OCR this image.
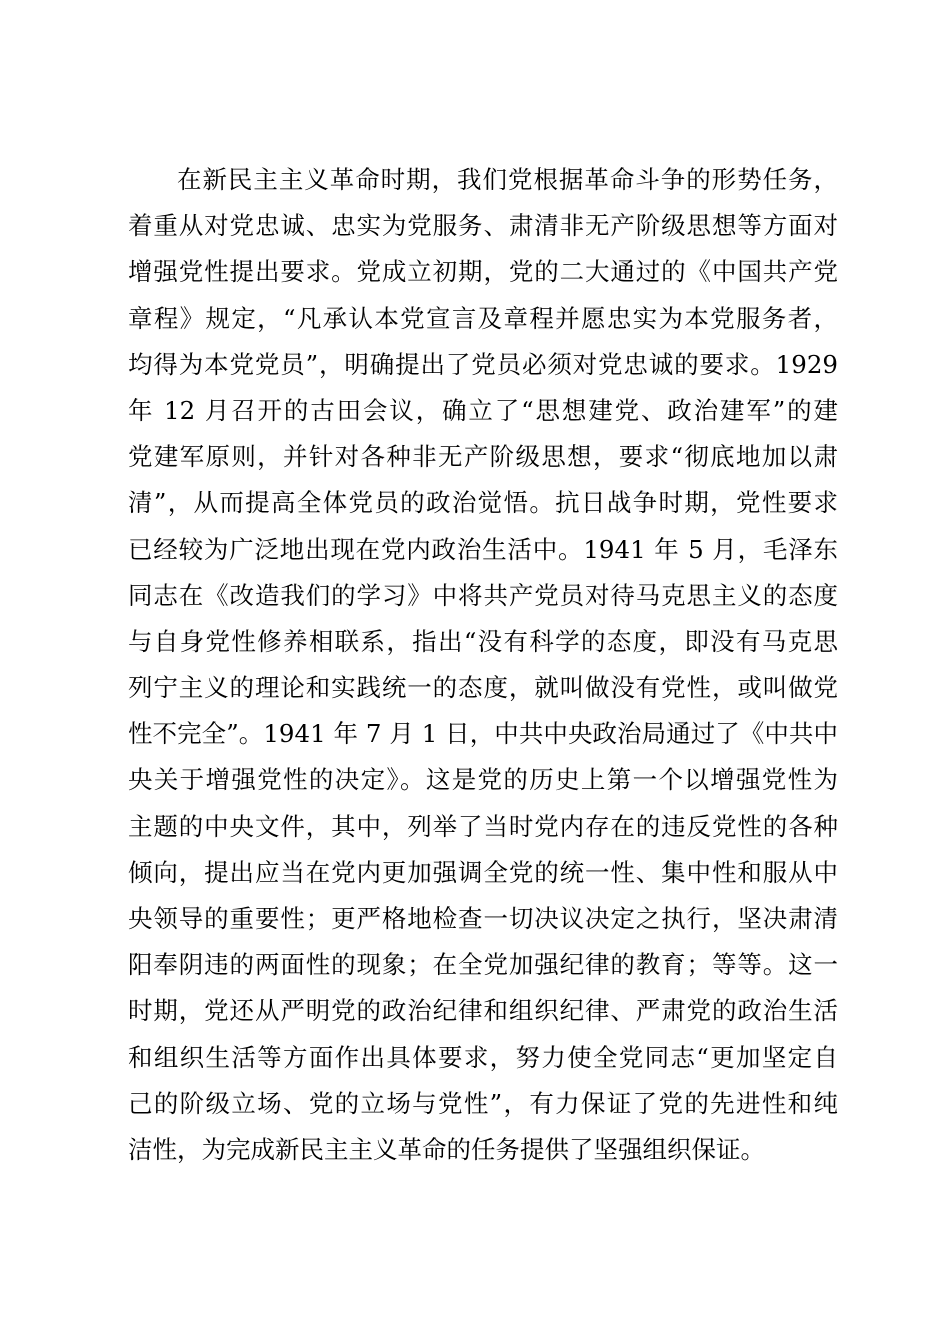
在新民主主义革命时期，我们党根据革命斗争的形势任务，
着重从对党忠诚、忠实为党服务、肃清非无产阶级思想等方面对
增强党性提出要求。党成立初期，党的二大通过的《中国共产党
章程》规定，“凡承认本党宣言及章程并愿忠实为本党服务者，
均得为本党党员”，明确提出了党员必须对党忠诚的要求。1929
年 12 月召开的古田会议，确立了“思想建党、政治建军”的建
党建军原则，并针对各种非无产阶级思想，要求“彻底地加以肃
清”，从而提高全体党员的政治觉悟。抗日战争时期，党性要求
已经较为广泛地出现在党内政治生活中。1941 年 5 月，毛泽东
同志在《改造我们的学习》中将共产党员对待马克思主义的态度
与自身党性修养相联系，指出“没有科学的态度，即没有马克思
列宁主义的理论和实践统一的态度，就叫做没有党性，或叫做党
性不完全”。1941 年 7 月 1 日，中共中央政治局通过了《中共中
央关于增强党性的决定》。这是党的历史上第一个以增强党性为
主题的中央文件，其中，列举了当时党内存在的违反党性的各种
倾向，提出应当在党内更加强调全党的统一性、集中性和服从中
央领导的重要性；更严格地检查一切决议决定之执行，坚决肃清
阳奉阴违的两面性的现象；在全党加强纪律的教育；等等。这一
时期，党还从严明党的政治纪律和组织纪律、严肃党的政治生活
和组织生活等方面作出具体要求，努力使全党同志“更加坚定自
己的阶级立场、党的立场与党性”，有力保证了党的先进性和纯
洁性，为完成新民主主义革命的任务提供了坚强组织保证。
